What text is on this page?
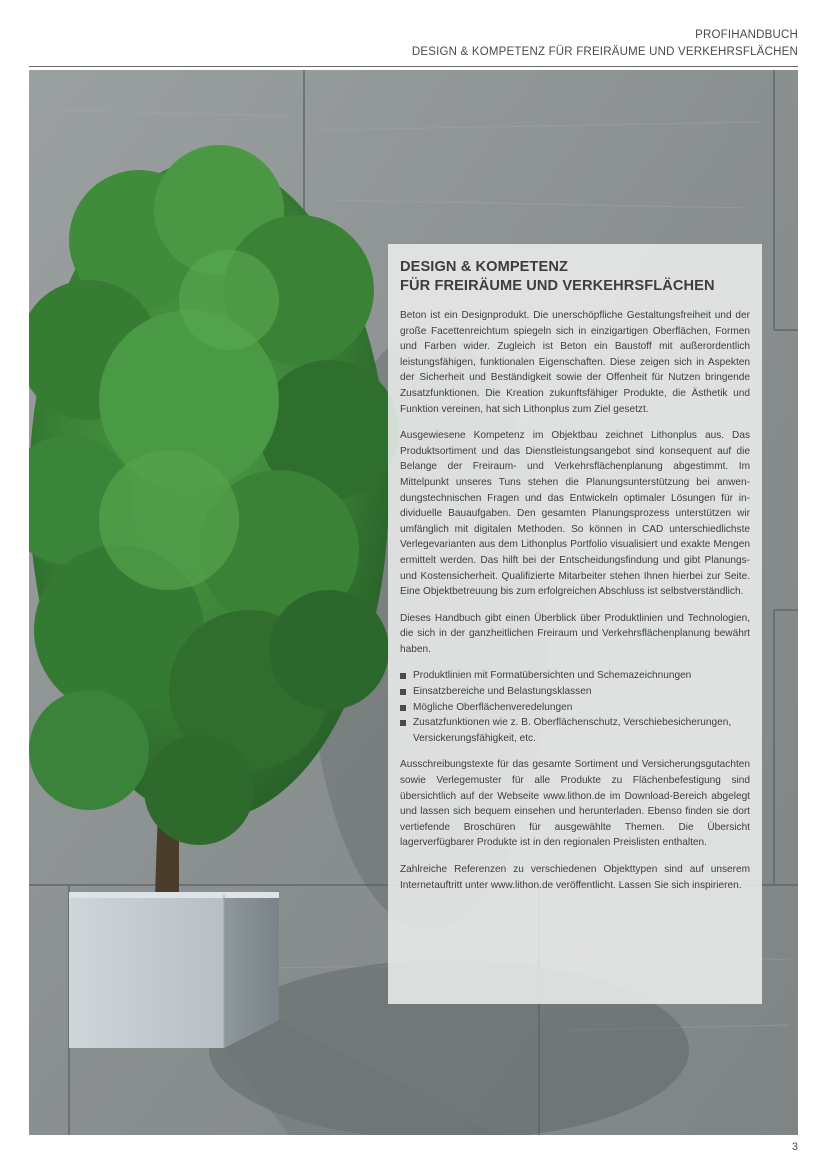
PROFIHANDBUCH
DESIGN & KOMPETENZ FÜR FREIRÄUME UND VERKEHRSFLÄCHEN
DESIGN & KOMPETENZ
FÜR FREIRÄUME UND VERKEHRSFLÄCHEN

Beton ist ein Designprodukt. Die unerschöpfliche Gestaltungsfreiheit und der große Facettenreichtum spiegeln sich in einzigartigen Oberflächen, Formen und Farben wider. Zugleich ist Beton ein Baustoff mit außerordentlich leistungsfähigen, funktionalen Eigenschaften. Diese zeigen sich in Aspekten der Sicherheit und Beständigkeit sowie der Offenheit für Nutzen bringende Zusatzfunktionen. Die Kreation zukunftsfähiger Produkte, die Ästhetik und Funktion vereinen, hat sich Lithonplus zum Ziel gesetzt.

Ausgewiesene Kompetenz im Objektbau zeichnet Lithonplus aus. Das Produktsortiment und das Dienstleistungsangebot sind konsequent auf die Belange der Freiraum- und Verkehrsflächenplanung abgestimmt. Im Mittelpunkt unseres Tuns stehen die Planungsunterstützung bei anwendungstechnischen Fragen und das Entwickeln optimaler Lösungen für individuelle Bauaufgaben. Den gesamten Planungsprozess unterstützen wir umfänglich mit digitalen Methoden. So können in CAD unterschiedlichste Verlegevarianten aus dem Lithonplus Portfolio visualisiert und exakte Mengen ermittelt werden. Das hilft bei der Entscheidungsfindung und gibt Planungs- und Kostensicherheit. Qualifizierte Mitarbeiter stehen Ihnen hierbei zur Seite. Eine Objektbetreuung bis zum erfolgreichen Abschluss ist selbstverständlich.

Dieses Handbuch gibt einen Überblick über Produktlinien und Technologien, die sich in der ganzheitlichen Freiraum und Verkehrsflächenplanung bewährt haben.

Produktlinien mit Formatübersichten und Schemazeichnungen
Einsatzbereiche und Belastungsklassen
Mögliche Oberflächenveredelungen
Zusatzfunktionen wie z. B. Oberflächenschutz, Verschiebesicherungen, Versickerungsfähigkeit, etc.

Ausschreibungstexte für das gesamte Sortiment und Versicherungsgutachten sowie Verlegemuster für alle Produkte zu Flächenbefestigung sind übersichtlich auf der Webseite www.lithon.de im Download-Bereich abgelegt und lassen sich bequem einsehen und herunterladen. Ebenso finden sie dort vertiefende Broschüren für ausgewählte Themen. Die Übersicht lagerverfügbarer Produkte ist in den regionalen Preislisten enthalten.

Zahlreiche Referenzen zu verschiedenen Objekttypen sind auf unserem Internetauftritt unter www.lithon.de veröffentlicht. Lassen Sie sich inspirieren.

3
